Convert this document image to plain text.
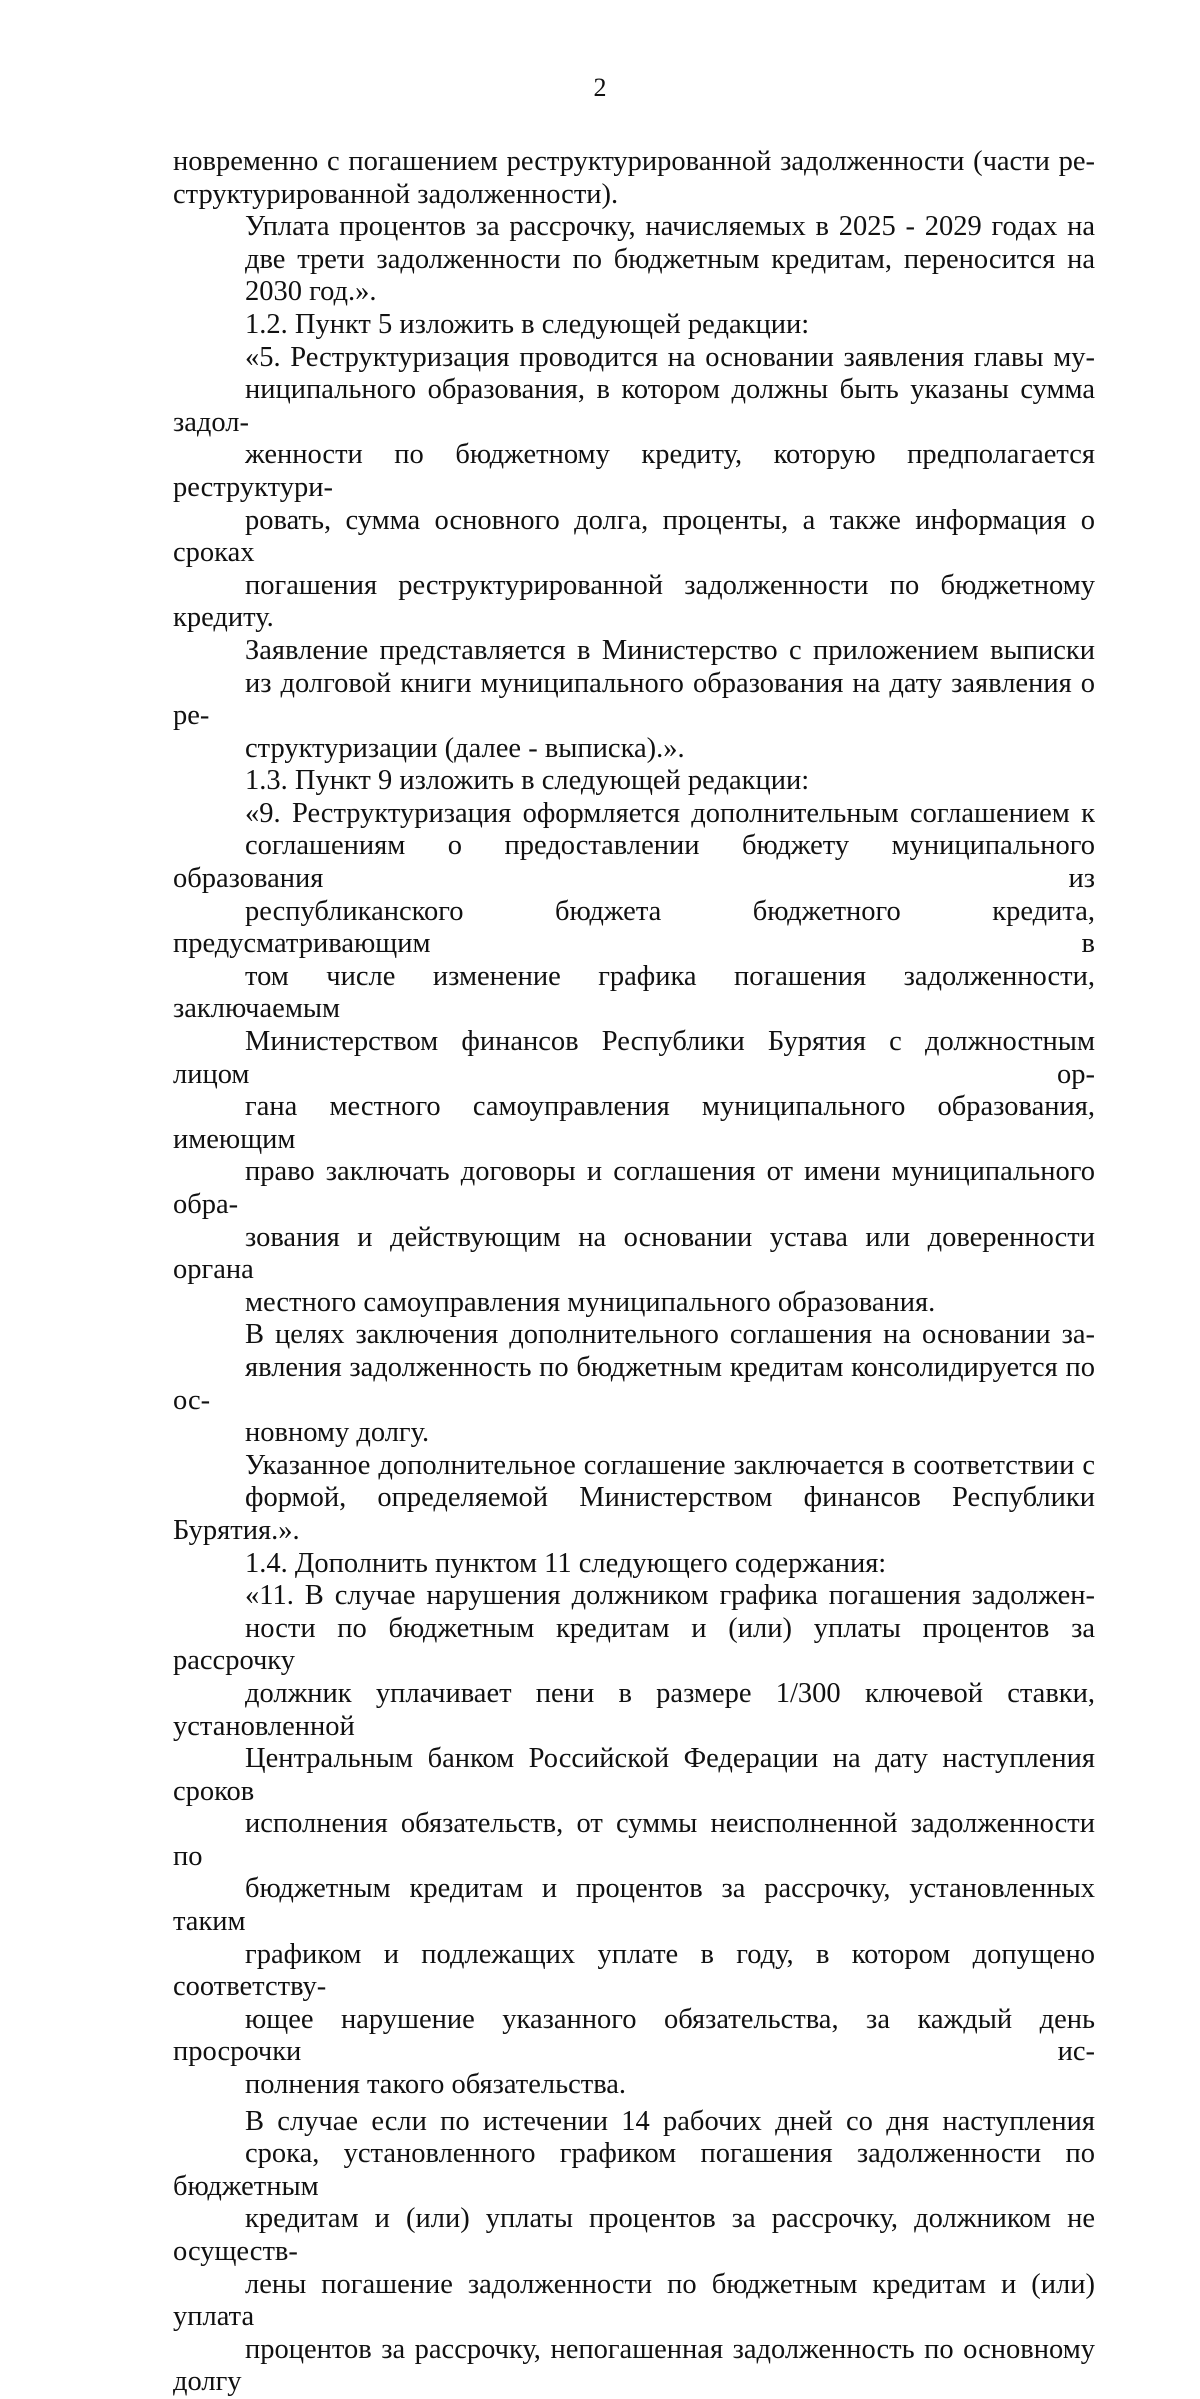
2
новременно с погашением реструктурированной задолженности (части ре-
структурированной задолженности).
Уплата процентов за рассрочку, начисляемых в 2025 - 2029 годах на
две трети задолженности по бюджетным кредитам, переносится на
2030 год.».
1.2. Пункт 5 изложить в следующей редакции:
«5. Реструктуризация проводится на основании заявления главы му-
ниципального образования, в котором должны быть указаны сумма задол-
женности по бюджетному кредиту, которую предполагается реструктури-
ровать, сумма основного долга, проценты, а также информация о сроках
погашения реструктурированной задолженности по бюджетному кредиту.
Заявление представляется в Министерство с приложением выписки
из долговой книги муниципального образования на дату заявления о ре-
структуризации (далее - выписка).».
1.3. Пункт 9 изложить в следующей редакции:
«9. Реструктуризация оформляется дополнительным соглашением к
соглашениям о предоставлении бюджету муниципального образования из
республиканского бюджета бюджетного кредита, предусматривающим в
том числе изменение графика погашения задолженности, заключаемым
Министерством финансов Республики Бурятия с должностным лицом ор-
гана местного самоуправления муниципального образования, имеющим
право заключать договоры и соглашения от имени муниципального обра-
зования и действующим на основании устава или доверенности органа
местного самоуправления муниципального образования.
В целях заключения дополнительного соглашения на основании за-
явления задолженность по бюджетным кредитам консолидируется по ос-
новному долгу.
Указанное дополнительное соглашение заключается в соответствии с
формой, определяемой Министерством финансов Республики Бурятия.».
1.4. Дополнить пунктом 11 следующего содержания:
«11. В случае нарушения должником графика погашения задолжен-
ности по бюджетным кредитам и (или) уплаты процентов за рассрочку
должник уплачивает пени в размере 1/300 ключевой ставки, установленной
Центральным банком Российской Федерации на дату наступления сроков
исполнения обязательств, от суммы неисполненной задолженности по
бюджетным кредитам и процентов за рассрочку, установленных таким
графиком и подлежащих уплате в году, в котором допущено соответству-
ющее нарушение указанного обязательства, за каждый день просрочки ис-
полнения такого обязательства.
В случае если по истечении 14 рабочих дней со дня наступления
срока, установленного графиком погашения задолженности по бюджетным
кредитам и (или) уплаты процентов за рассрочку, должником не осуществ-
лены погашение задолженности по бюджетным кредитам и (или) уплата
процентов за рассрочку, непогашенная задолженность по основному долгу
